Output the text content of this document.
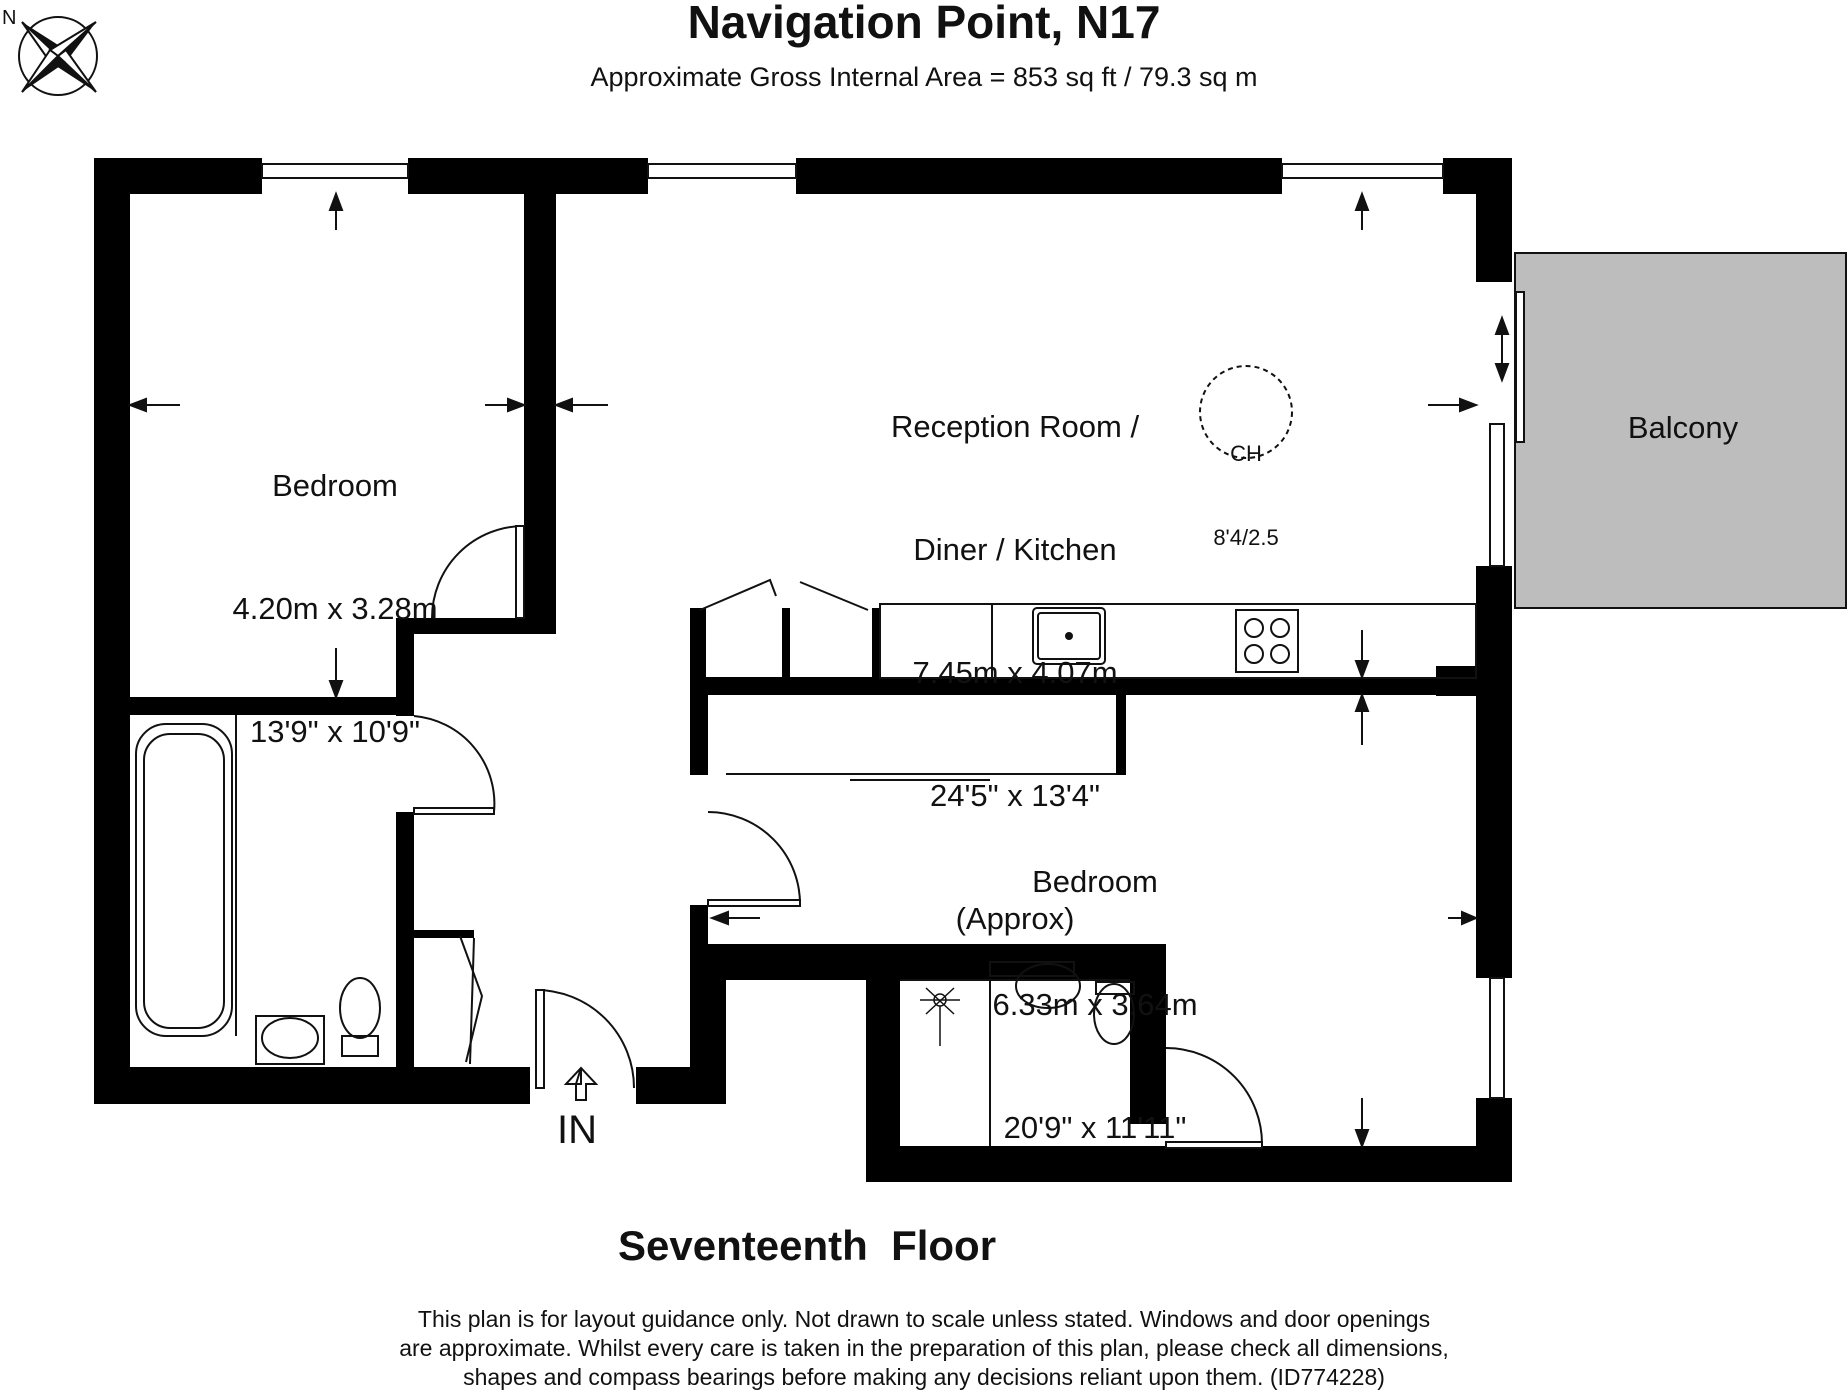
Navigation Point, N17
Approximate Gross Internal Area = 853 sq ft / 79.3 sq m
N

Bedroom

4.20m x 3.28m

13'9" x 10'9"

Reception Room /

Diner / Kitchen

7.45m x 4.07m

24'5" x 13'4"

(Approx)

CH

8'4/2.5

Balcony

Bedroom

6.33m x 3.64m

20'9" x 11'11"

IN
Seventeenth  Floor
This plan is for layout guidance only. Not drawn to scale unless stated. Windows and door openings
are approximate. Whilst every care is taken in the preparation of this plan, please check all dimensions,
shapes and compass bearings before making any decisions reliant upon them. (ID774228)
